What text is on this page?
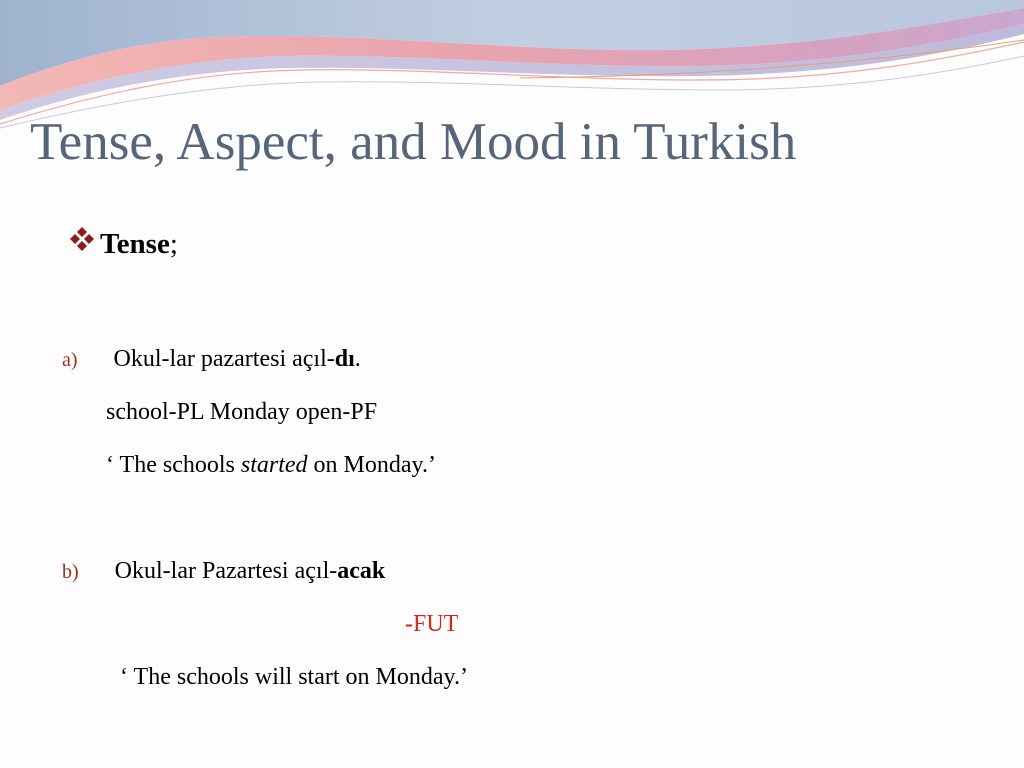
Tense, Aspect, and Mood in Turkish
Tense;
a) Okul-lar pazartesi açıl-dı.
school-PL Monday open-PF
‘ The schools started on Monday.’
b) Okul-lar Pazartesi açıl-acak
-FUT
‘ The schools will start on Monday.’
